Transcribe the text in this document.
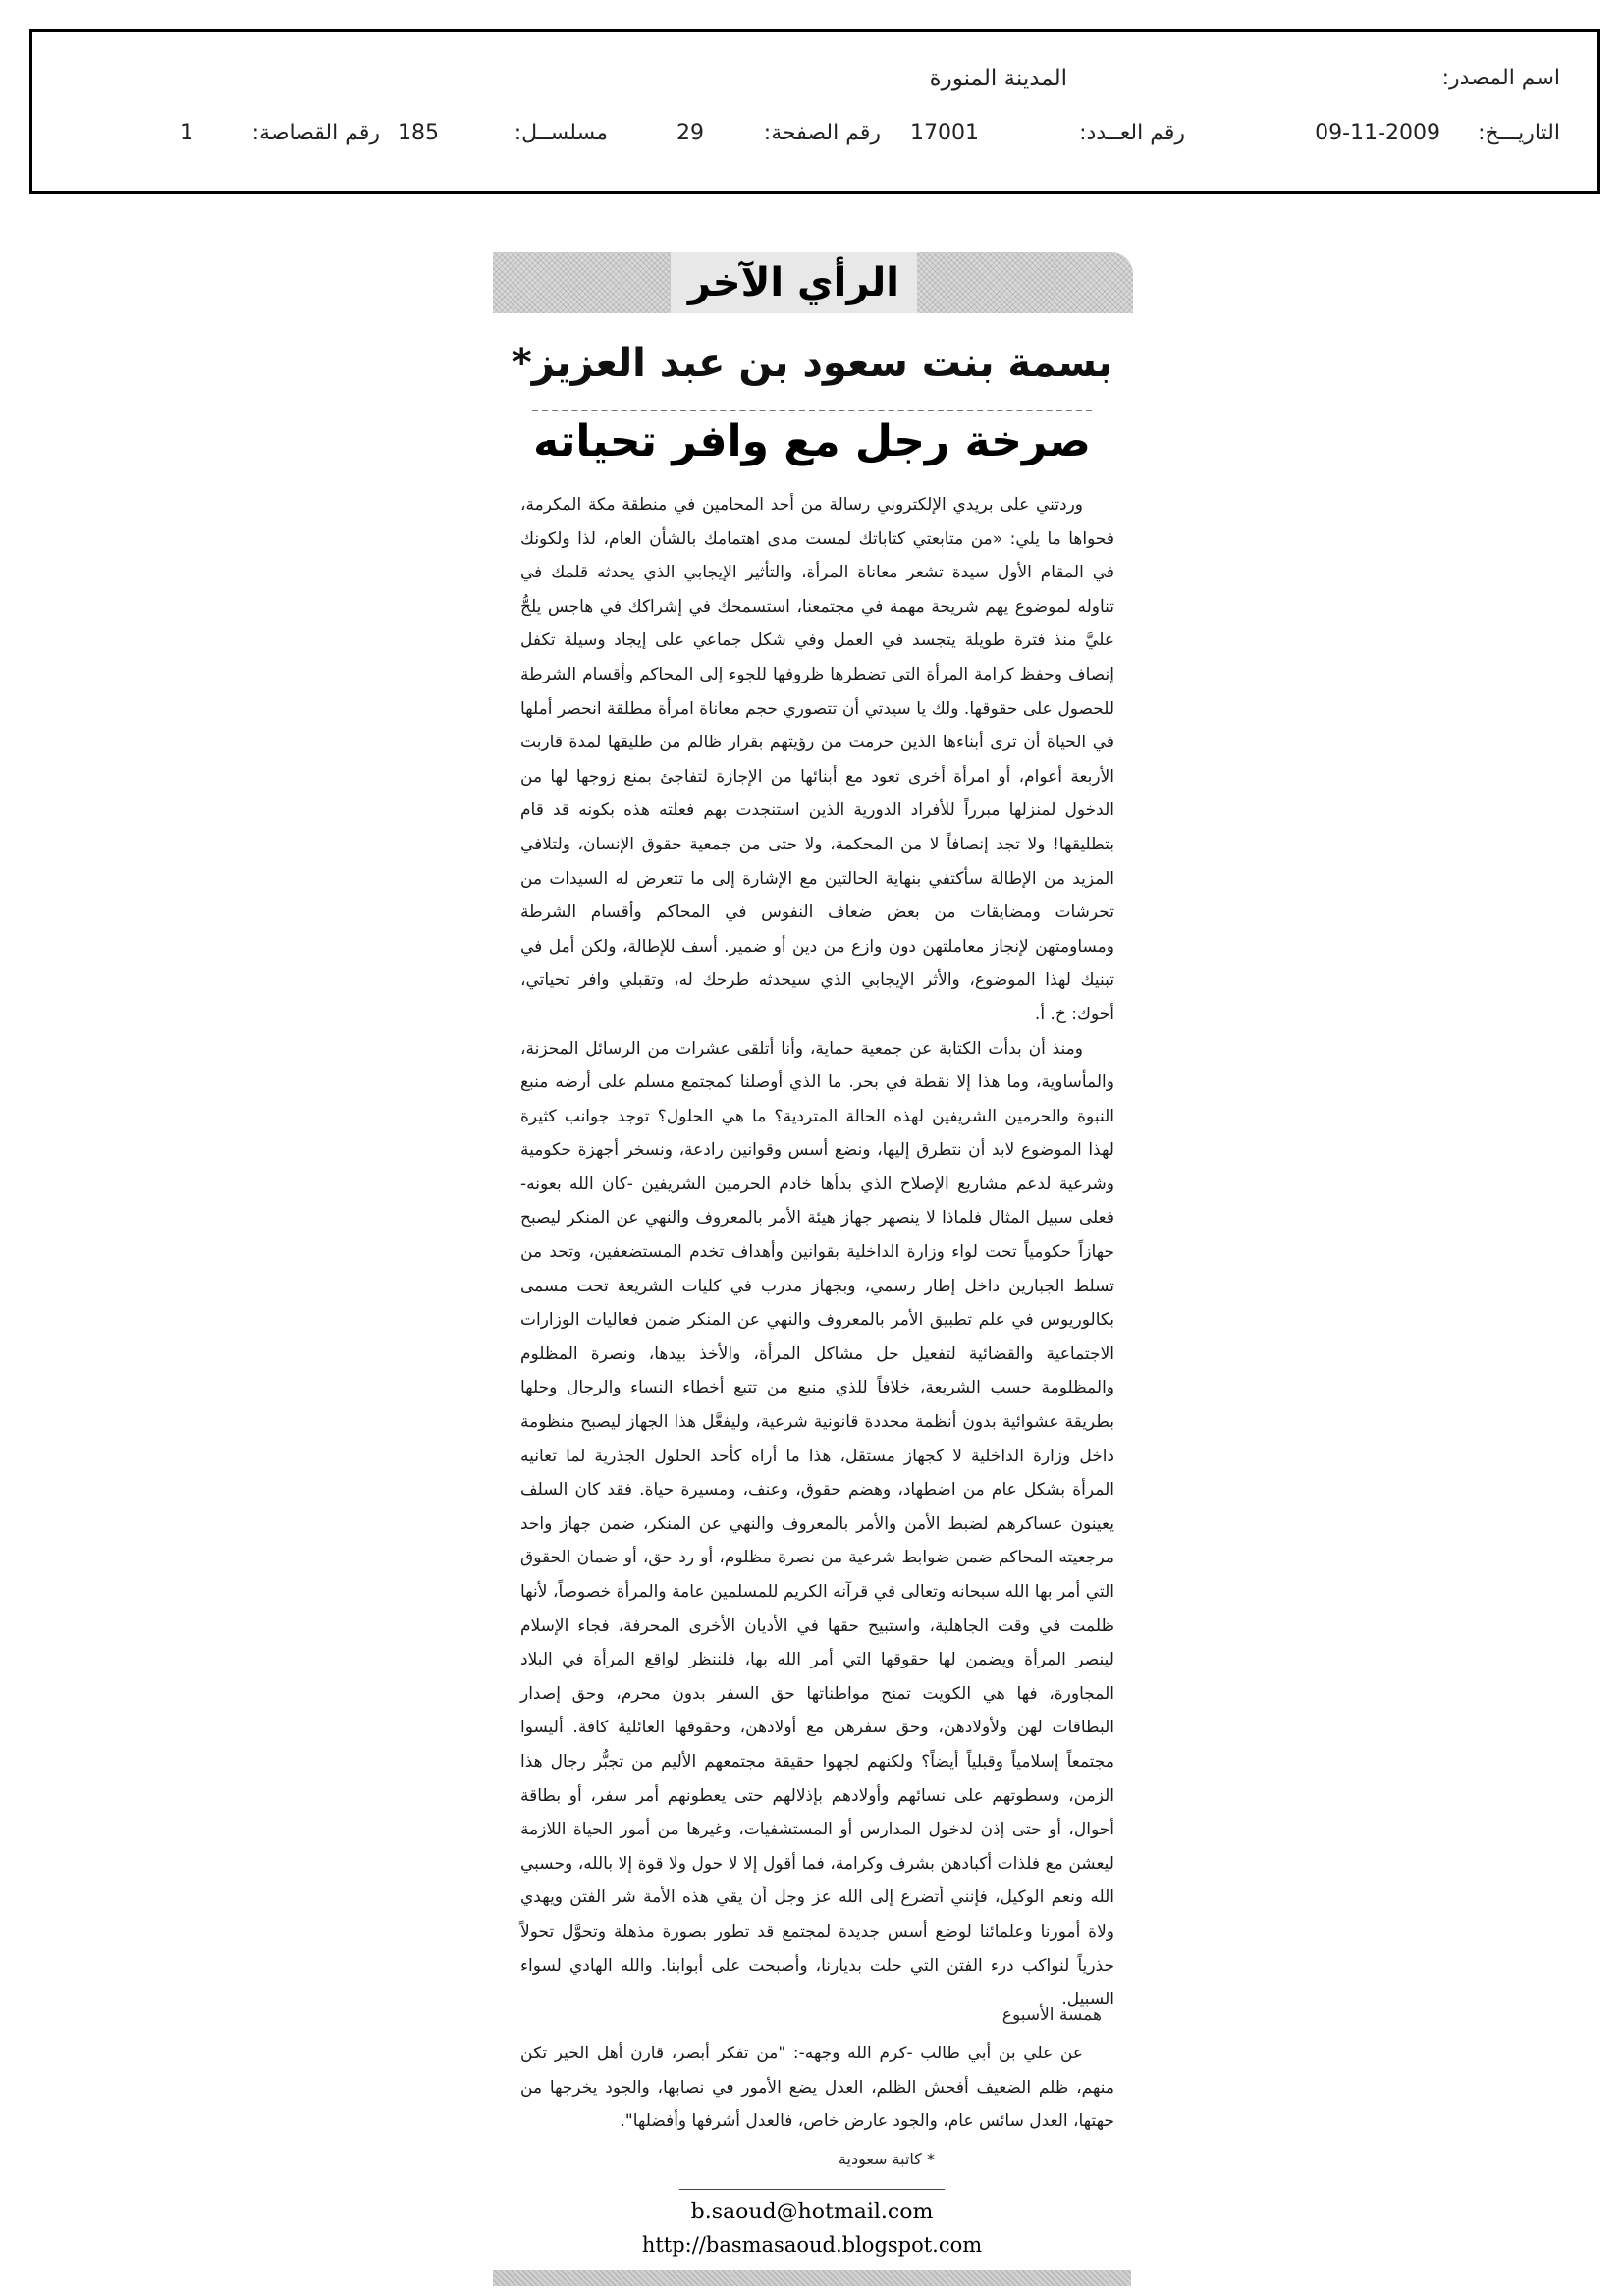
اسم المصدر:
المدينة المنورة
التاريـــخ:
09-11-2009
رقم العــدد:
17001
رقم الصفحة:
29
مسلســل:
185
رقم القصاصة:
1
الرأي الآخر
بسمة بنت سعود بن عبد العزيز*
صرخة رجل مع وافر تحياته

وردتني على بريدي الإلكتروني رسالة من أحد المحامين في منطقة مكة المكرمة، فحواها ما يلي: «من متابعتي كتاباتك لمست مدى اهتمامك بالشأن العام، لذا ولكونك في المقام الأول سيدة تشعر معاناة المرأة، والتأثير الإيجابي الذي يحدثه قلمك في تناوله لموضوع يهم شريحة مهمة في مجتمعنا، استسمحك في إشراكك في هاجس يلحُّ عليَّ منذ فترة طويلة يتجسد في العمل وفي شكل جماعي على إيجاد وسيلة تكفل إنصاف وحفظ كرامة المرأة التي تضطرها ظروفها للجوء إلى المحاكم وأقسام الشرطة للحصول على حقوقها. ولك يا سيدتي أن تتصوري حجم معاناة امرأة مطلقة انحصر أملها في الحياة أن ترى أبناءها الذين حرمت من رؤيتهم بقرار ظالم من طليقها لمدة قاربت الأربعة أعوام، أو امرأة أخرى تعود مع أبنائها من الإجازة لتفاجئ بمنع زوجها لها من الدخول لمنزلها مبرراً للأفراد الدورية الذين استنجدت بهم فعلته هذه بكونه قد قام بتطليقها! ولا تجد إنصافاً لا من المحكمة، ولا حتى من جمعية حقوق الإنسان، ولتلافي المزيد من الإطالة سأكتفي بنهاية الحالتين مع الإشارة إلى ما تتعرض له السيدات من تحرشات ومضايقات من بعض ضعاف النفوس في المحاكم وأقسام الشرطة ومساومتهن لإنجاز معاملتهن دون وازع من دين أو ضمير. أسف للإطالة، ولكن أمل في تبنيك لهذا الموضوع، والأثر الإيجابي الذي سيحدثه طرحك له، وتقبلي وافر تحياتي، أخوك: خ. أ.

ومنذ أن بدأت الكتابة عن جمعية حماية، وأنا أتلقى عشرات من الرسائل المحزنة، والمأساوية، وما هذا إلا نقطة في بحر. ما الذي أوصلنا كمجتمع مسلم على أرضه منبع النبوة والحرمين الشريفين لهذه الحالة المتردية؟ ما هي الحلول؟ توجد جوانب كثيرة لهذا الموضوع لابد أن نتطرق إليها، ونضع أسس وقوانين رادعة، ونسخر أجهزة حكومية وشرعية لدعم مشاريع الإصلاح الذي بدأها خادم الحرمين الشريفين -كان الله بعونه- فعلى سبيل المثال فلماذا لا ينصهر جهاز هيئة الأمر بالمعروف والنهي عن المنكر ليصبح جهازاً حكومياً تحت لواء وزارة الداخلية بقوانين وأهداف تخدم المستضعفين، وتحد من تسلط الجبارين داخل إطار رسمي، وبجهاز مدرب في كليات الشريعة تحت مسمى بكالوريوس في علم تطبيق الأمر بالمعروف والنهي عن المنكر ضمن فعاليات الوزارات الاجتماعية والقضائية لتفعيل حل مشاكل المرأة، والأخذ بيدها، ونصرة المظلوم والمظلومة حسب الشريعة، خلافاً للذي منبع من تتبع أخطاء النساء والرجال وحلها بطريقة عشوائية بدون أنظمة محددة قانونية شرعية، وليفعَّل هذا الجهاز ليصبح منظومة داخل وزارة الداخلية لا كجهاز مستقل، هذا ما أراه كأحد الحلول الجذرية لما تعانيه المرأة بشكل عام من اضطهاد، وهضم حقوق، وعنف، ومسيرة حياة. فقد كان السلف يعينون عساكرهم لضبط الأمن والأمر بالمعروف والنهي عن المنكر، ضمن جهاز واحد مرجعيته المحاكم ضمن ضوابط شرعية من نصرة مظلوم، أو رد حق، أو ضمان الحقوق التي أمر بها الله سبحانه وتعالى في قرآنه الكريم للمسلمين عامة والمرأة خصوصاً، لأنها ظلمت في وقت الجاهلية، واستبيح حقها في الأديان الأخرى المحرفة، فجاء الإسلام لينصر المرأة ويضمن لها حقوقها التي أمر الله بها، فلننظر لواقع المرأة في البلاد المجاورة، فها هي الكويت تمنح مواطناتها حق السفر بدون محرم، وحق إصدار البطاقات لهن ولأولادهن، وحق سفرهن مع أولادهن، وحقوقها العائلية كافة. أليسوا مجتمعاً إسلامياً وقبلياً أيضاً؟ ولكنهم لجهوا حقيقة مجتمعهم الأليم من تجبُّر رجال هذا الزمن، وسطوتهم على نسائهم وأولادهم بإذلالهم حتى يعطونهم أمر سفر، أو بطاقة أحوال، أو حتى إذن لدخول المدارس أو المستشفيات، وغيرها من أمور الحياة اللازمة ليعشن مع فلذات أكبادهن بشرف وكرامة، فما أقول إلا لا حول ولا قوة إلا بالله، وحسبي الله ونعم الوكيل، فإنني أتضرع إلى الله عز وجل أن يقي هذه الأمة شر الفتن ويهدي ولاة أمورنا وعلمائنا لوضع أسس جديدة لمجتمع قد تطور بصورة مذهلة وتحوَّل تحولاً جذرياً لنواكب درء الفتن التي حلت بديارنا، وأصبحت على أبوابنا. والله الهادي لسواء السبيل.

همسة الأسبوع

عن علي بن أبي طالب -كرم الله وجهه-: "من تفكر أبصر، قارن أهل الخير تكن منهم، ظلم الضعيف أفحش الظلم، العدل يضع الأمور في نصابها، والجود يخرجها من جهتها، العدل سائس عام، والجود عارض خاص، فالعدل أشرفها وأفضلها".

* كاتبة سعودية
b.saoud@hotmail.com
http://basmasaoud.blogspot.com
